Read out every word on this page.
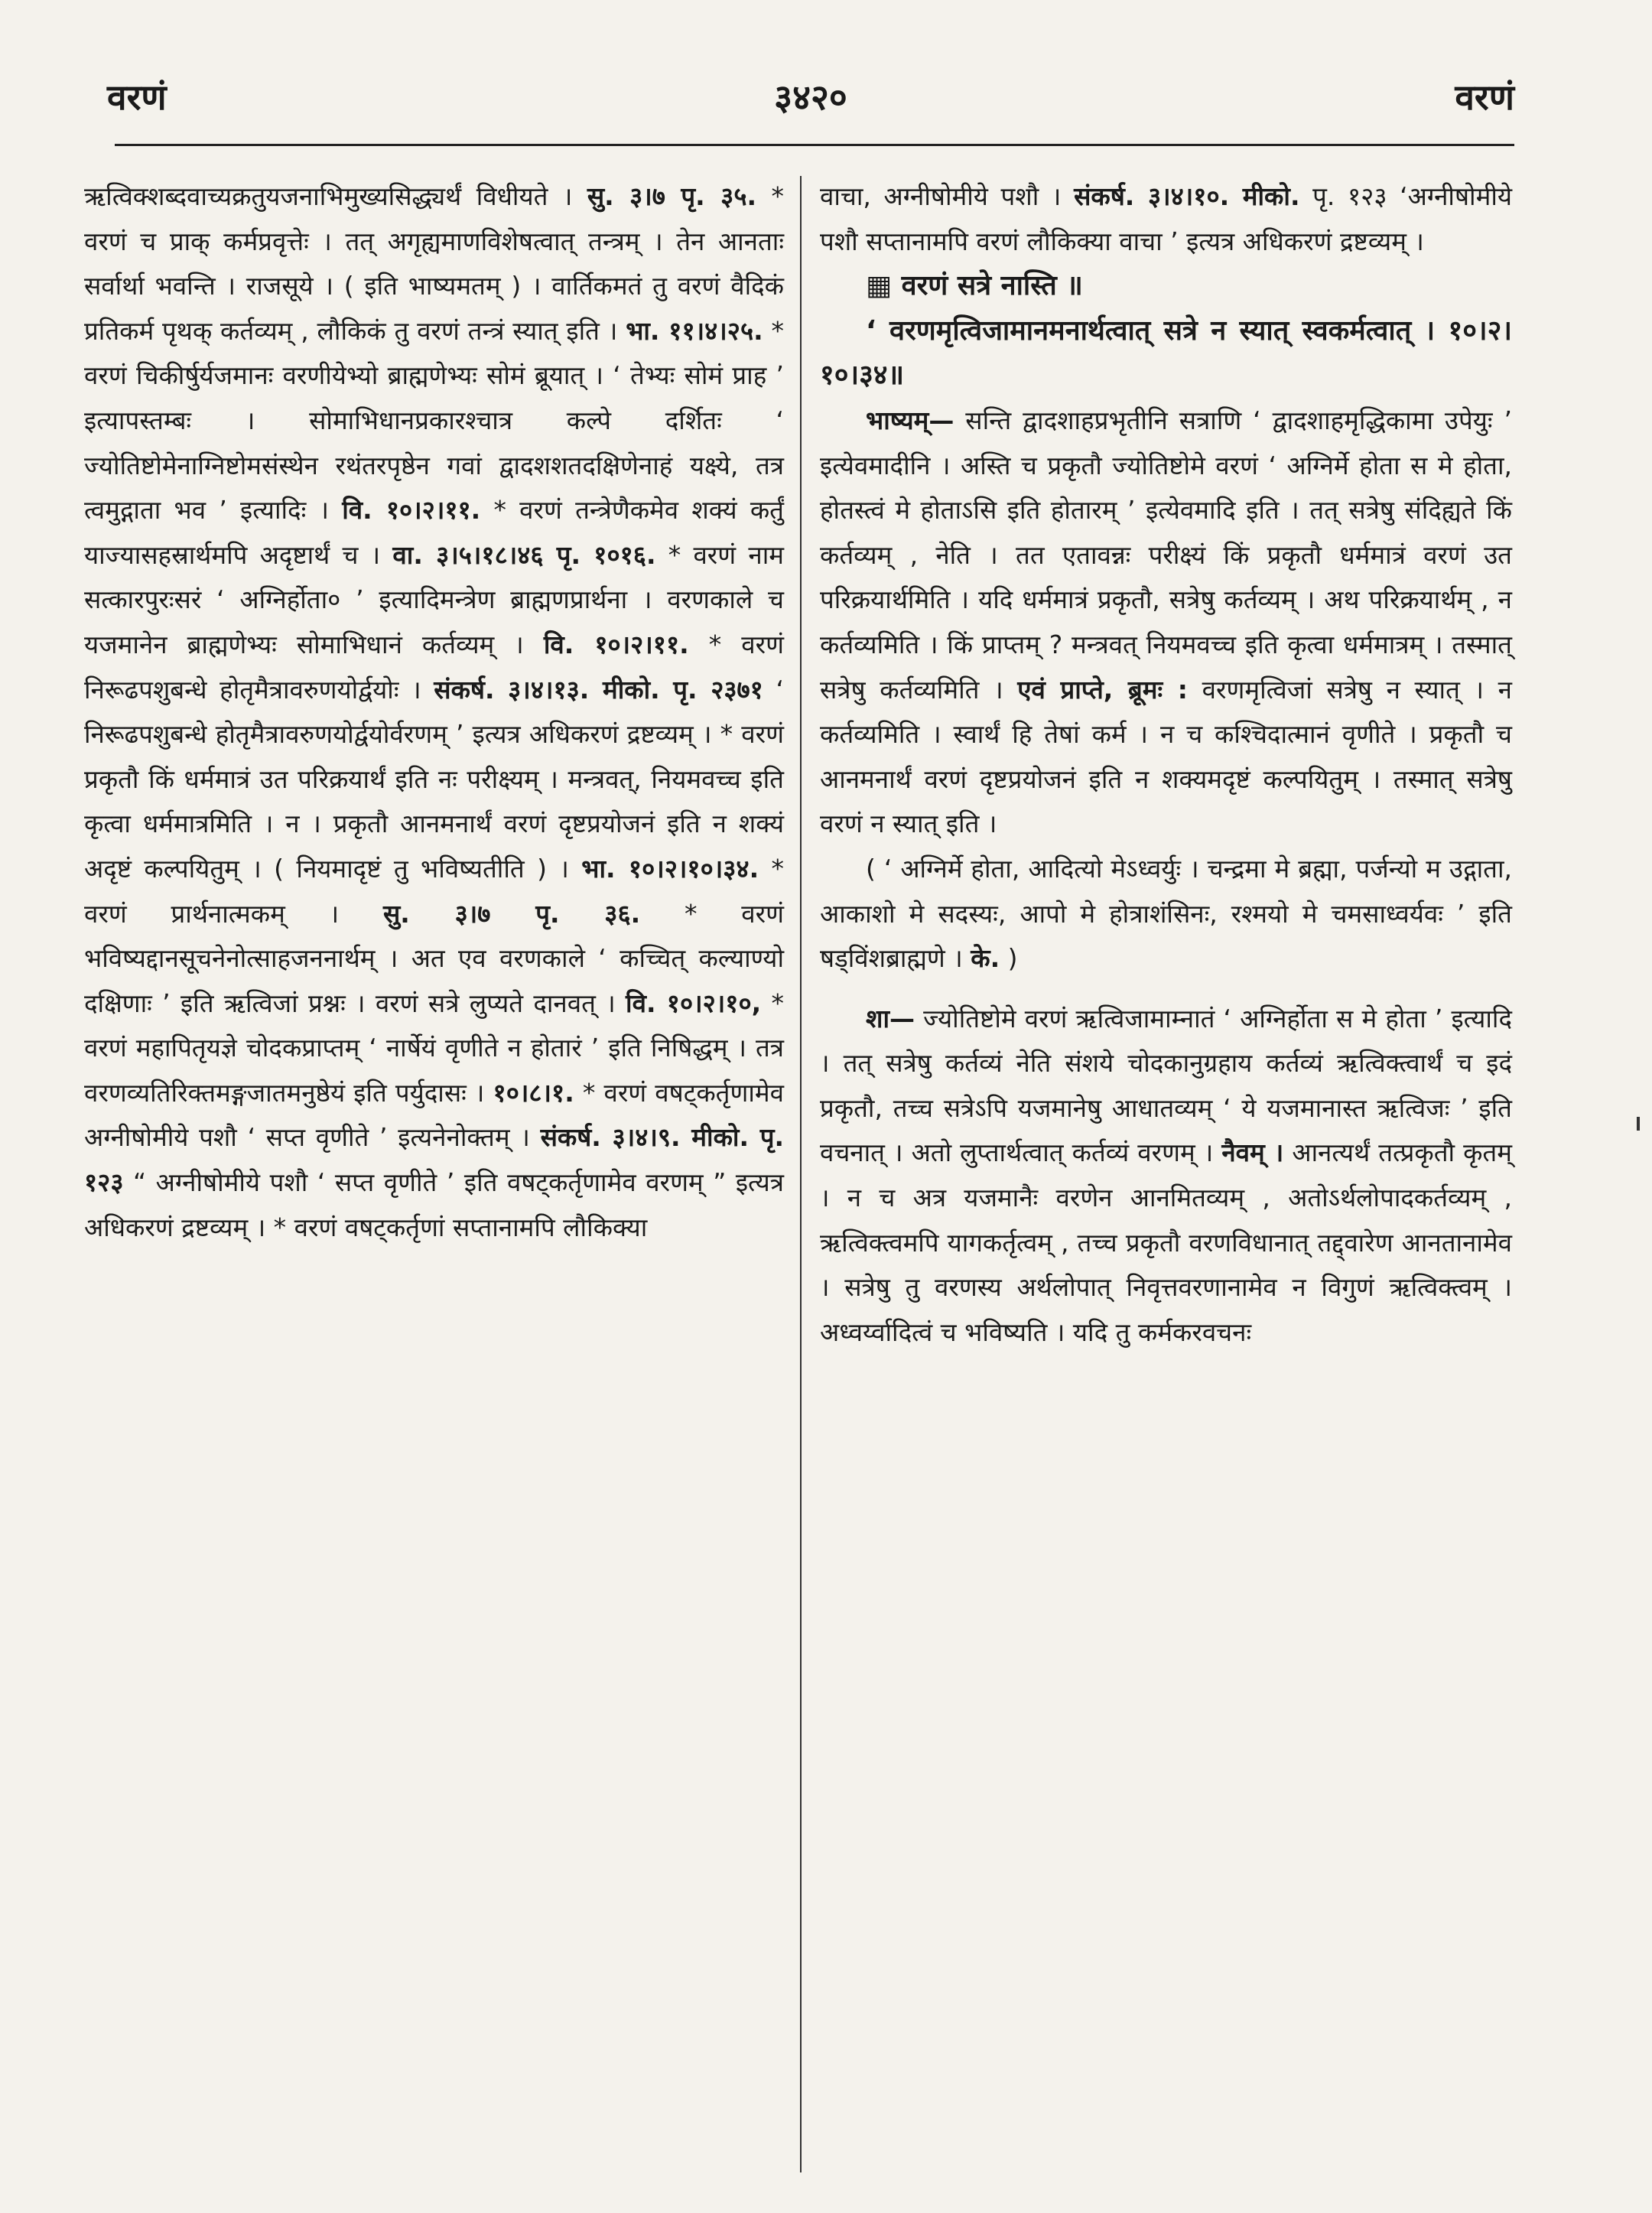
वरणं	३४२०	वरणं

ऋत्विक्शब्दवाच्यक्रतुयजनाभिमुख्यसिद्ध्यर्थं विधीयते । सु. ३।७ पृ. ३५. * वरणं च प्राक् कर्मप्रवृत्तेः । तत् अगृह्यमाणविशेषत्वात् तन्त्रम् । तेन आनताः सर्वार्था भवन्ति । राजसूये । ( इति भाष्यमतम् ) । वार्तिकमतं तु वरणं वैदिकं प्रतिकर्म पृथक् कर्तव्यम् , लौकिकं तु वरणं तन्त्रं स्यात् इति । भा. ११।४।२५. * वरणं चिकीर्षुर्यजमानः वरणीयेभ्यो ब्राह्मणेभ्यः सोमं ब्रूयात् । ‘ तेभ्यः सोमं प्राह ’ इत्यापस्तम्बः । सोमाभिधानप्रकारश्चात्र कल्पे दर्शितः ‘ ज्योतिष्टोमेनाग्निष्टोमसंस्थेन रथंतरपृष्ठेन गवां द्वादशशतदक्षिणेनाहं यक्ष्ये, तत्र त्वमुद्गाता भव ’ इत्यादिः । वि. १०।२।११. * वरणं तन्त्रेणैकमेव शक्यं कर्तुं याज्यासहस्रार्थमपि अदृष्टार्थं च । वा. ३।५।१८।४६ पृ. १०१६. * वरणं नाम सत्कारपुरःसरं ‘ अग्निर्होता० ’ इत्यादिमन्त्रेण ब्राह्मणप्रार्थना । वरणकाले च यजमानेन ब्राह्मणेभ्यः सोमाभिधानं कर्तव्यम् । वि. १०।२।११. * वरणं निरूढपशुबन्धे होतृमैत्रावरुणयोर्द्वयोः । संकर्ष. ३।४।१३. मीको. पृ. २३७१ ‘ निरूढपशुबन्धे होतृमैत्रावरुणयोर्द्वयोर्वरणम् ’ इत्यत्र अधिकरणं द्रष्टव्यम् । * वरणं प्रकृतौ किं धर्ममात्रं उत परिक्रयार्थं इति नः परीक्ष्यम् । मन्त्रवत्, नियमवच्च इति कृत्वा धर्ममात्रमिति । न । प्रकृतौ आनमनार्थं वरणं दृष्टप्रयोजनं इति न शक्यं अदृष्टं कल्पयितुम् । ( नियमादृष्टं तु भविष्यतीति ) । भा. १०।२।१०।३४. * वरणं प्रार्थनात्मकम् । सु. ३।७ पृ. ३६. * वरणं भविष्यद्दानसूचनेनोत्साहजननार्थम् । अत एव वरणकाले ‘ कच्चित् कल्याण्यो दक्षिणाः ’ इति ऋत्विजां प्रश्नः । वरणं सत्रे लुप्यते दानवत् । वि. १०।२।१०, * वरणं महापितृयज्ञे चोदकप्राप्तम् ‘ नार्षेयं वृणीते न होतारं ’ इति निषिद्धम् । तत्र वरणव्यतिरिक्तमङ्गजातमनुष्ठेयं इति पर्युदासः । १०।८।१. * वरणं वषट्कर्तृणामेव अग्नीषोमीये पशौ ‘ सप्त वृणीते ’ इत्यनेनोक्तम् । संकर्ष. ३।४।९. मीको. पृ. १२३ “ अग्नीषोमीये पशौ ‘ सप्त वृणीते ’ इति वषट्कर्तृणामेव वरणम् ” इत्यत्र अधिकरणं द्रष्टव्यम् । * वरणं वषट्कर्तृणां सप्तानामपि लौकिक्या

वाचा, अग्नीषोमीये पशौ । संकर्ष. ३।४।१०. मीको. पृ. १२३ ‘अग्नीषोमीये पशौ सप्तानामपि वरणं लौकिक्या वाचा ’ इत्यत्र अधिकरणं द्रष्टव्यम् ।

▦ वरणं सत्रे नास्ति ॥

‘ वरणमृत्विजामानमनार्थत्वात् सत्रे न स्यात् स्वकर्मत्वात् । १०।२।१०।३४॥

भाष्यम्— सन्ति द्वादशाहप्रभृतीनि सत्राणि ‘ द्वादशाहमृद्धिकामा उपेयुः ’ इत्येवमादीनि । अस्ति च प्रकृतौ ज्योतिष्टोमे वरणं ‘ अग्निर्मे होता स मे होता, होतस्त्वं मे होताऽसि इति होतारम् ’ इत्येवमादि इति । तत् सत्रेषु संदिह्यते किं कर्तव्यम् , नेति । तत एतावन्नः परीक्ष्यं किं प्रकृतौ धर्ममात्रं वरणं उत परिक्रयार्थमिति । यदि धर्ममात्रं प्रकृतौ, सत्रेषु कर्तव्यम् । अथ परिक्रयार्थम् , न कर्तव्यमिति । किं प्राप्तम् ? मन्त्रवत् नियमवच्च इति कृत्वा धर्ममात्रम् । तस्मात् सत्रेषु कर्तव्यमिति । एवं प्राप्ते, ब्रूमः : वरणमृत्विजां सत्रेषु न स्यात् । न कर्तव्यमिति । स्वार्थं हि तेषां कर्म । न च कश्चिदात्मानं वृणीते । प्रकृतौ च आनमनार्थं वरणं दृष्टप्रयोजनं इति न शक्यमदृष्टं कल्पयितुम् । तस्मात् सत्रेषु वरणं न स्यात् इति ।

( ‘ अग्निर्मे होता, आदित्यो मेऽध्वर्युः । चन्द्रमा मे ब्रह्मा, पर्जन्यो म उद्गाता, आकाशो मे सदस्यः, आपो मे होत्राशंसिनः, रश्मयो मे चमसाध्वर्यवः ’ इति षड्विंशब्राह्मणे । के. )

शा— ज्योतिष्टोमे वरणं ऋत्विजामाम्नातं ‘ अग्निर्होता स मे होता ’ इत्यादि । तत् सत्रेषु कर्तव्यं नेति संशये चोदकानुग्रहाय कर्तव्यं ऋत्विक्त्वार्थं च इदं प्रकृतौ, तच्च सत्रेऽपि यजमानेषु आधातव्यम् ‘ ये यजमानास्त ऋत्विजः ’ इति वचनात् । अतो लुप्तार्थत्वात् कर्तव्यं वरणम् । नैवम् । आनत्यर्थं तत्प्रकृतौ कृतम् । न च अत्र यजमानैः वरणेन आनमितव्यम् , अतोऽर्थलोपादकर्तव्यम् , ऋत्विक्त्वमपि यागकर्तृत्वम् , तच्च प्रकृतौ वरणविधानात् तद्द्वारेण आनतानामेव । सत्रेषु तु वरणस्य अर्थलोपात् निवृत्तवरणानामेव न विगुणं ऋत्विक्त्वम् । अध्वर्य्वादित्वं च भविष्यति । यदि तु कर्मकरवचनः
